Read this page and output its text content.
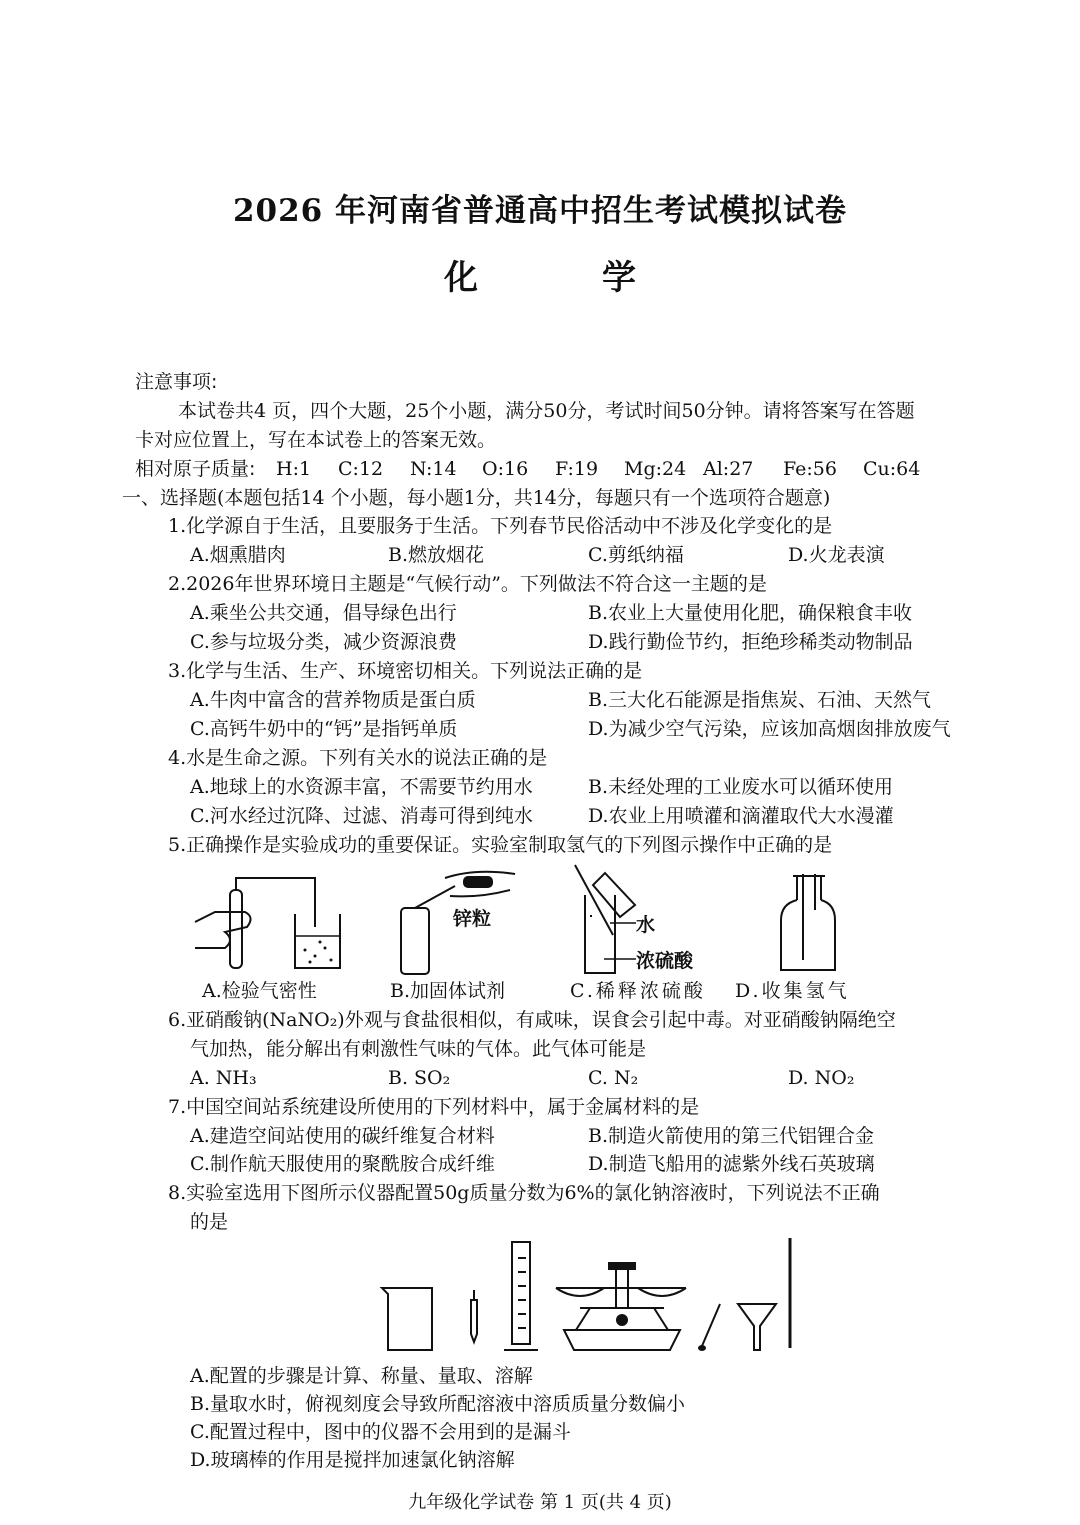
2026 年河南省普通高中招生考试模拟试卷
化	学
注意事项:
本试卷共4 页，四个大题，25个小题，满分50分，考试时间50分钟。请将答案写在答题
卡对应位置上，写在本试卷上的答案无效。
相对原子质量: H:1 C:12 N:14 O:16 F:19 Mg:24 Al:27 Fe:56 Cu:64
一、选择题(本题包括14 个小题，每小题1分，共14分，每题只有一个选项符合题意)
1.化学源自于生活，且要服务于生活。下列春节民俗活动中不涉及化学变化的是
A.烟熏腊肉	B.燃放烟花	C.剪纸纳福	D.火龙表演
2.2026年世界环境日主题是“气候行动”。下列做法不符合这一主题的是
A.乘坐公共交通，倡导绿色出行	B.农业上大量使用化肥，确保粮食丰收
C.参与垃圾分类，减少资源浪费	D.践行勤俭节约，拒绝珍稀类动物制品
3.化学与生活、生产、环境密切相关。下列说法正确的是
A.牛肉中富含的营养物质是蛋白质	B.三大化石能源是指焦炭、石油、天然气
C.高钙牛奶中的“钙”是指钙单质	D.为减少空气污染，应该加高烟囱排放废气
4.水是生命之源。下列有关水的说法正确的是
A.地球上的水资源丰富，不需要节约用水	B.未经处理的工业废水可以循环使用
C.河水经过沉降、过滤、消毒可得到纯水	D.农业上用喷灌和滴灌取代大水漫灌
5.正确操作是实验成功的重要保证。实验室制取氢气的下列图示操作中正确的是
锌粒	水
浓硫酸
A.检验气密性	B.加固体试剂	C.稀释浓硫酸 D.收集氢气
6.亚硝酸钠(NaNO₂)外观与食盐很相似，有咸味，误食会引起中毒。对亚硝酸钠隔绝空
气加热，能分解出有刺激性气味的气体。此气体可能是
A. NH₃	B. SO₂	C. N₂	D. NO₂
7.中国空间站系统建设所使用的下列材料中，属于金属材料的是
A.建造空间站使用的碳纤维复合材料	B.制造火箭使用的第三代铝锂合金
C.制作航天服使用的聚酰胺合成纤维	D.制造飞船用的滤紫外线石英玻璃
8.实验室选用下图所示仪器配置50g质量分数为6%的氯化钠溶液时，下列说法不正确
的是
A.配置的步骤是计算、称量、量取、溶解
B.量取水时，俯视刻度会导致所配溶液中溶质质量分数偏小
C.配置过程中，图中的仪器不会用到的是漏斗
D.玻璃棒的作用是搅拌加速氯化钠溶解
九年级化学试卷 第 1 页(共 4 页)
